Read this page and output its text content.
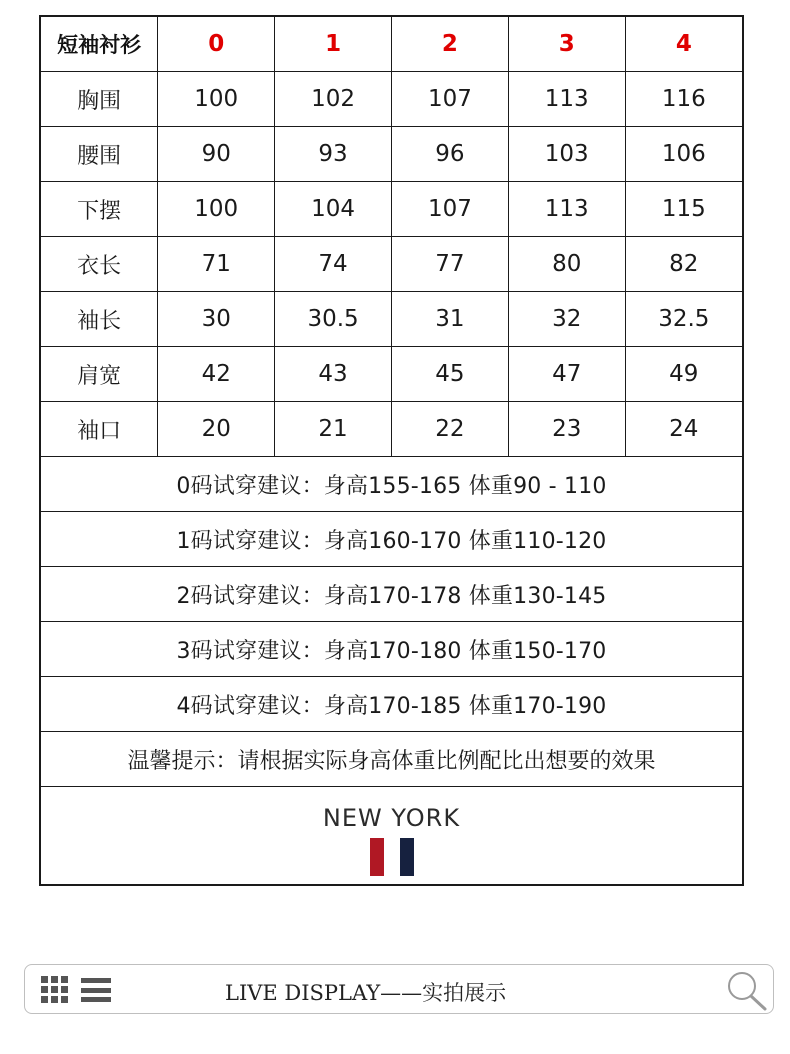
短袖衬衫	0	1	2	3	4
胸围	100	102	107	113	116
腰围	90	93	96	103	106
下摆	100	104	107	113	115
衣长	71	74	77	80	82
袖长	30	30.5	31	32	32.5
肩宽	42	43	45	47	49
袖口	20	21	22	23	24
0码试穿建议：身高155-165 体重90 - 110					
1码试穿建议：身高160-170 体重110-120					
2码试穿建议：身高170-178 体重130-145					
3码试穿建议：身高170-180 体重150-170					
4码试穿建议：身高170-185 体重170-190					
温馨提示：请根据实际身高体重比例配比出想要的效果					

NEW YORK					
LIVE DISPLAY——实拍展示
